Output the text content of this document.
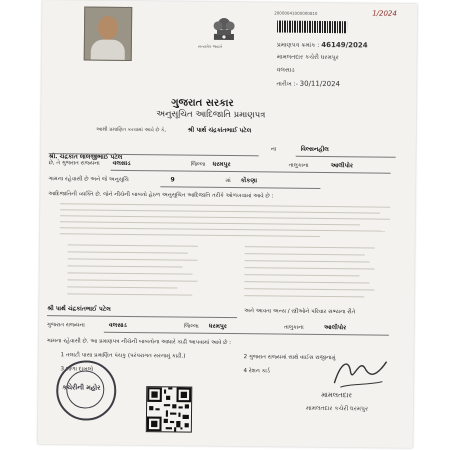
સત્યમેવ જયતે
20000041000000810	1/2024
પ્રમાણપત્ર ક્રમાંક : 46149/2024
મામલતદાર કચેરી ધરમપુર
વલસાડ
તારીખ :- 30/11/2024
ગુજરાત સરકાર
અનુસૂચિત આદિજાતિ પ્રમાણપત્ર
આથી પ્રમાણિત કરવામાં આવે છે કે,	શ્રી પાર્થ ચંદ્રકાંતભાઈ પટેલ
શ્રી. ચંદ્રકાંત લાલજીભાઈ પટેલ
ના	વિલ્સનહીલ
છે, તે ગુજરાત રાજ્યના વલસાડ	જિલ્લા ધરમપુર	તાલુકાના	આલીપોર
ગામના રહેવાસી છે અને જે અનુસૂચિ	9	માં કોંકણા
આદિજાતિની વ્યક્તિ છે. જેને નીચેની બાબતો હેઠળ અનુસૂચિત આદિજાતિ તરીકે ઓળખવામાં આવે છે :
શ્રી પાર્થ ચંદ્રકાંતભાઈ પટેલ	અને આવતા અન્ય / સ્ત્રીઓને પરિવાર સભ્યના રીતે
ગુજરાત રાજ્યના	વલસાડ	જિલ્લા ધરમપુર	તાલુકાના	આલીપોર
ગામના રહેવાસી છે. આ પ્રમાણપત્ર નીચેની બાબતોના આધારે કાઢી આપવામાં આવે છે :
1 તલાટી પાસા પ્રમાણિત પંચકુ (પરંપરાગત સરનામું કાઢી.)	2 ગુજરાત રાજ્યમાં સાથે વાઈસ રાજીનામું
3 શાળા દાખલો	4 રેશન કાર્ડ
કચેરીની મહોર
મામલતદાર
મામલતદાર કચેરી ધરમપુર
